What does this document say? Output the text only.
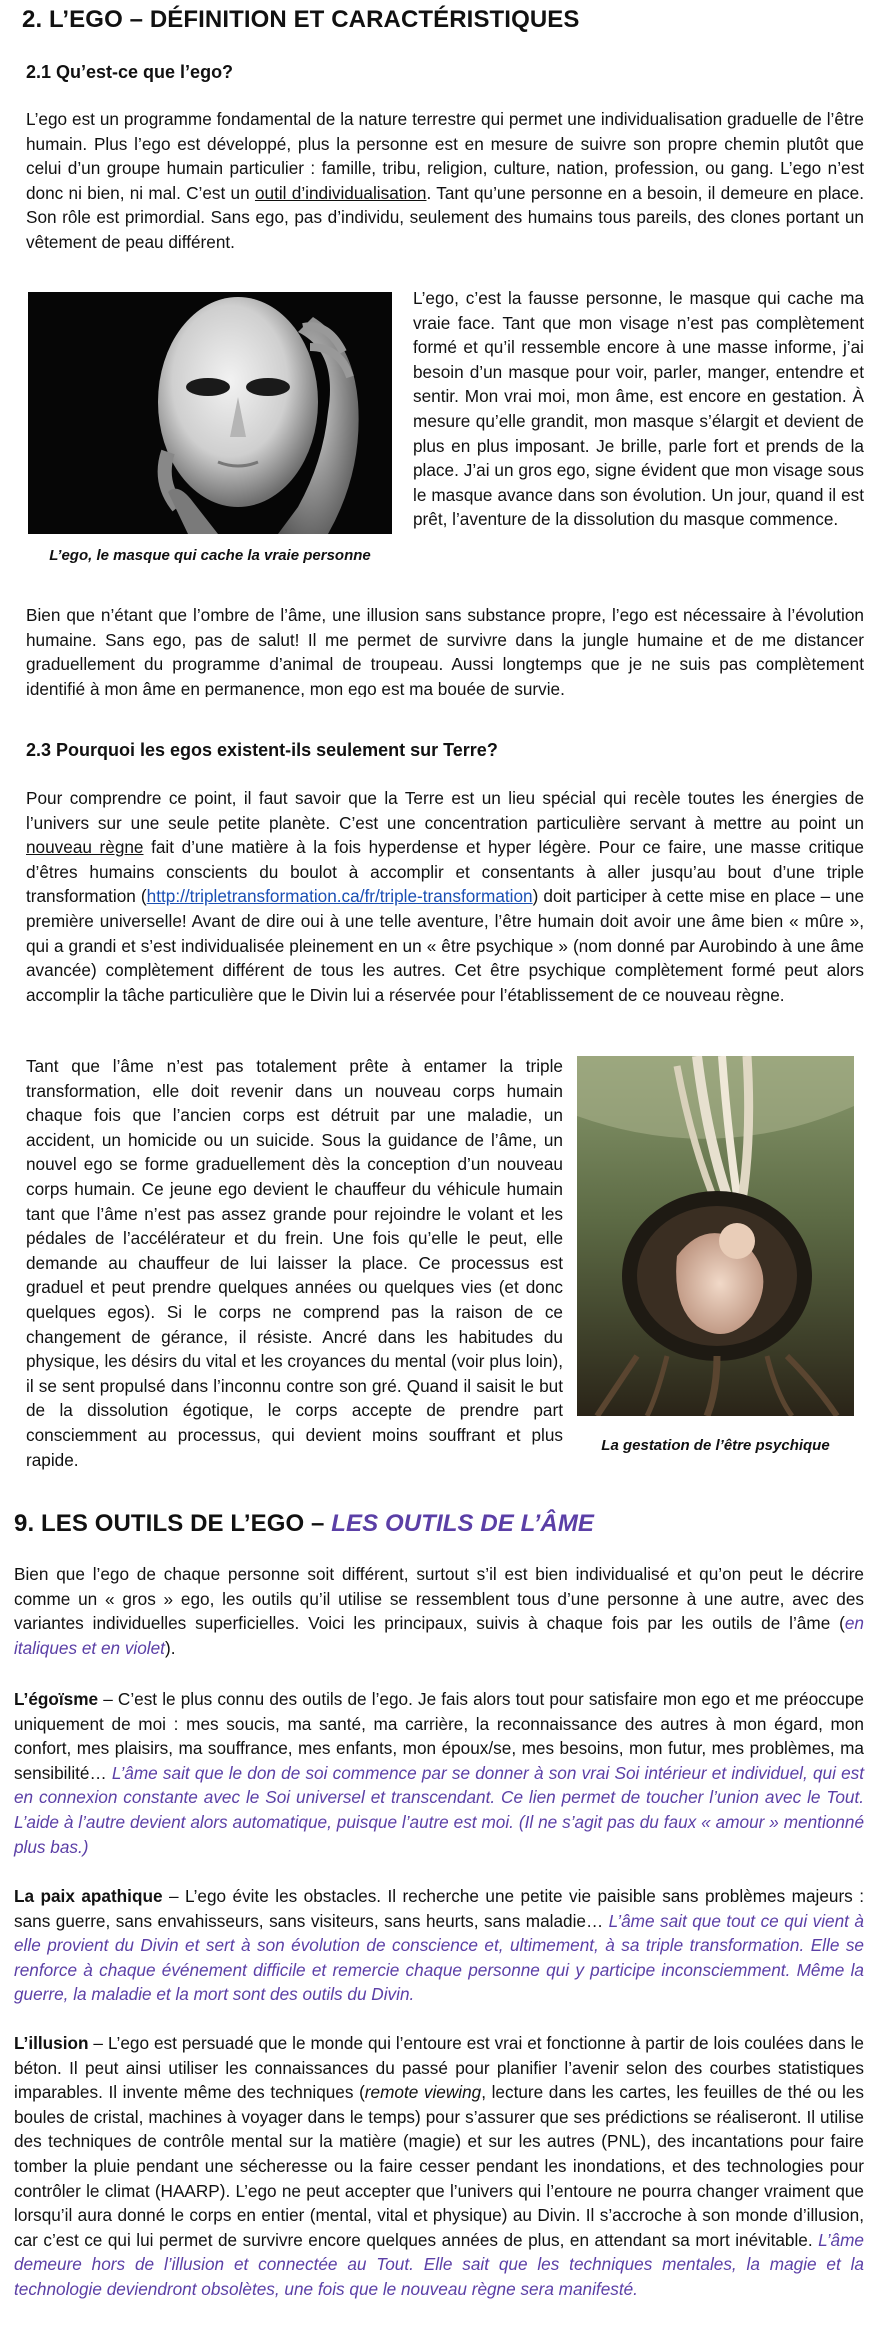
2. L’EGO – DÉFINITION ET CARACTÉRISTIQUES
2.1 Qu’est-ce que l’ego?

L’ego est un programme fondamental de la nature terrestre qui permet une individualisation graduelle de l’être humain. Plus l’ego est développé, plus la personne est en mesure de suivre son propre chemin plutôt que celui d’un groupe humain particulier : famille, tribu, religion, culture, nation, profession, ou gang. L’ego n’est donc ni bien, ni mal. C’est un outil d’individualisation. Tant qu’une personne en a besoin, il demeure en place. Son rôle est primordial. Sans ego, pas d’individu, seulement des humains tous pareils, des clones portant un vêtement de peau différent.

L’ego, le masque qui cache la vraie personne

L’ego, c’est la fausse personne, le masque qui cache ma vraie face. Tant que mon visage n’est pas complètement formé et qu’il ressemble encore à une masse informe, j’ai besoin d’un masque pour voir, parler, manger, entendre et sentir. Mon vrai moi, mon âme, est encore en gestation. À mesure qu’elle grandit, mon masque s’élargit et devient de plus en plus imposant. Je brille, parle fort et prends de la place. J’ai un gros ego, signe évident que mon visage sous le masque avance dans son évolution. Un jour, quand il est prêt, l’aventure de la dissolution du masque commence.

Bien que n’étant que l’ombre de l’âme, une illusion sans substance propre, l’ego est nécessaire à l’évolution humaine. Sans ego, pas de salut! Il me permet de survivre dans la jungle humaine et de me distancer graduellement du programme d’animal de troupeau. Aussi longtemps que je ne suis pas complètement identifié à mon âme en permanence, mon ego est ma bouée de survie.

2.3 Pourquoi les egos existent-ils seulement sur Terre?

Pour comprendre ce point, il faut savoir que la Terre est un lieu spécial qui recèle toutes les énergies de l’univers sur une seule petite planète. C’est une concentration particulière servant à mettre au point un nouveau règne fait d’une matière à la fois hyperdense et hyper légère. Pour ce faire, une masse critique d’êtres humains conscients du boulot à accomplir et consentants à aller jusqu’au bout d’une triple transformation (http://tripletransformation.ca/fr/triple-transformation) doit participer à cette mise en place – une première universelle! Avant de dire oui à une telle aventure, l’être humain doit avoir une âme bien « mûre », qui a grandi et s’est individualisée pleinement en un « être psychique » (nom donné par Aurobindo à une âme avancée) complètement différent de tous les autres. Cet être psychique complètement formé peut alors accomplir la tâche particulière que le Divin lui a réservée pour l’établissement de ce nouveau règne.

Tant que l’âme n’est pas totalement prête à entamer la triple transformation, elle doit revenir dans un nouveau corps humain chaque fois que l’ancien corps est détruit par une maladie, un accident, un homicide ou un suicide. Sous la guidance de l’âme, un nouvel ego se forme graduellement dès la conception d’un nouveau corps humain. Ce jeune ego devient le chauffeur du véhicule humain tant que l’âme n’est pas assez grande pour rejoindre le volant et les pédales de l’accélérateur et du frein. Une fois qu’elle le peut, elle demande au chauffeur de lui laisser la place. Ce processus est graduel et peut prendre quelques années ou quelques vies (et donc quelques egos). Si le corps ne comprend pas la raison de ce changement de gérance, il résiste. Ancré dans les habitudes du physique, les désirs du vital et les croyances du mental (voir plus loin), il se sent propulsé dans l’inconnu contre son gré. Quand il saisit le but de la dissolution égotique, le corps accepte de prendre part consciemment au processus, qui devient moins souffrant et plus rapide.

La gestation de l’être psychique
9. LES OUTILS DE L’EGO – LES OUTILS DE L’ÂME

Bien que l’ego de chaque personne soit différent, surtout s’il est bien individualisé et qu’on peut le décrire comme un « gros » ego, les outils qu’il utilise se ressemblent tous d’une personne à une autre, avec des variantes individuelles superficielles. Voici les principaux, suivis à chaque fois par les outils de l’âme (en italiques et en violet).

L’égoïsme – C’est le plus connu des outils de l’ego. Je fais alors tout pour satisfaire mon ego et me préoccupe uniquement de moi : mes soucis, ma santé, ma carrière, la reconnaissance des autres à mon égard, mon confort, mes plaisirs, ma souffrance, mes enfants, mon époux/se, mes besoins, mon futur, mes problèmes, ma sensibilité… L’âme sait que le don de soi commence par se donner à son vrai Soi intérieur et individuel, qui est en connexion constante avec le Soi universel et transcendant. Ce lien permet de toucher l’union avec le Tout. L’aide à l’autre devient alors automatique, puisque l’autre est moi. (Il ne s’agit pas du faux « amour » mentionné plus bas.)

La paix apathique – L’ego évite les obstacles. Il recherche une petite vie paisible sans problèmes majeurs : sans guerre, sans envahisseurs, sans visiteurs, sans heurts, sans maladie… L’âme sait que tout ce qui vient à elle provient du Divin et sert à son évolution de conscience et, ultimement, à sa triple transformation. Elle se renforce à chaque événement difficile et remercie chaque personne qui y participe inconsciemment. Même la guerre, la maladie et la mort sont des outils du Divin.

L’illusion – L’ego est persuadé que le monde qui l’entoure est vrai et fonctionne à partir de lois coulées dans le béton. Il peut ainsi utiliser les connaissances du passé pour planifier l’avenir selon des courbes statistiques imparables. Il invente même des techniques (remote viewing, lecture dans les cartes, les feuilles de thé ou les boules de cristal, machines à voyager dans le temps) pour s’assurer que ses prédictions se réaliseront. Il utilise des techniques de contrôle mental sur la matière (magie) et sur les autres (PNL), des incantations pour faire tomber la pluie pendant une sécheresse ou la faire cesser pendant les inondations, et des technologies pour contrôler le climat (HAARP). L’ego ne peut accepter que l’univers qui l’entoure ne pourra changer vraiment que lorsqu’il aura donné le corps en entier (mental, vital et physique) au Divin. Il s’accroche à son monde d’illusion, car c’est ce qui lui permet de survivre encore quelques années de plus, en attendant sa mort inévitable. L’âme demeure hors de l’illusion et connectée au Tout. Elle sait que les techniques mentales, la magie et la technologie deviendront obsolètes, une fois que le nouveau règne sera manifesté.
